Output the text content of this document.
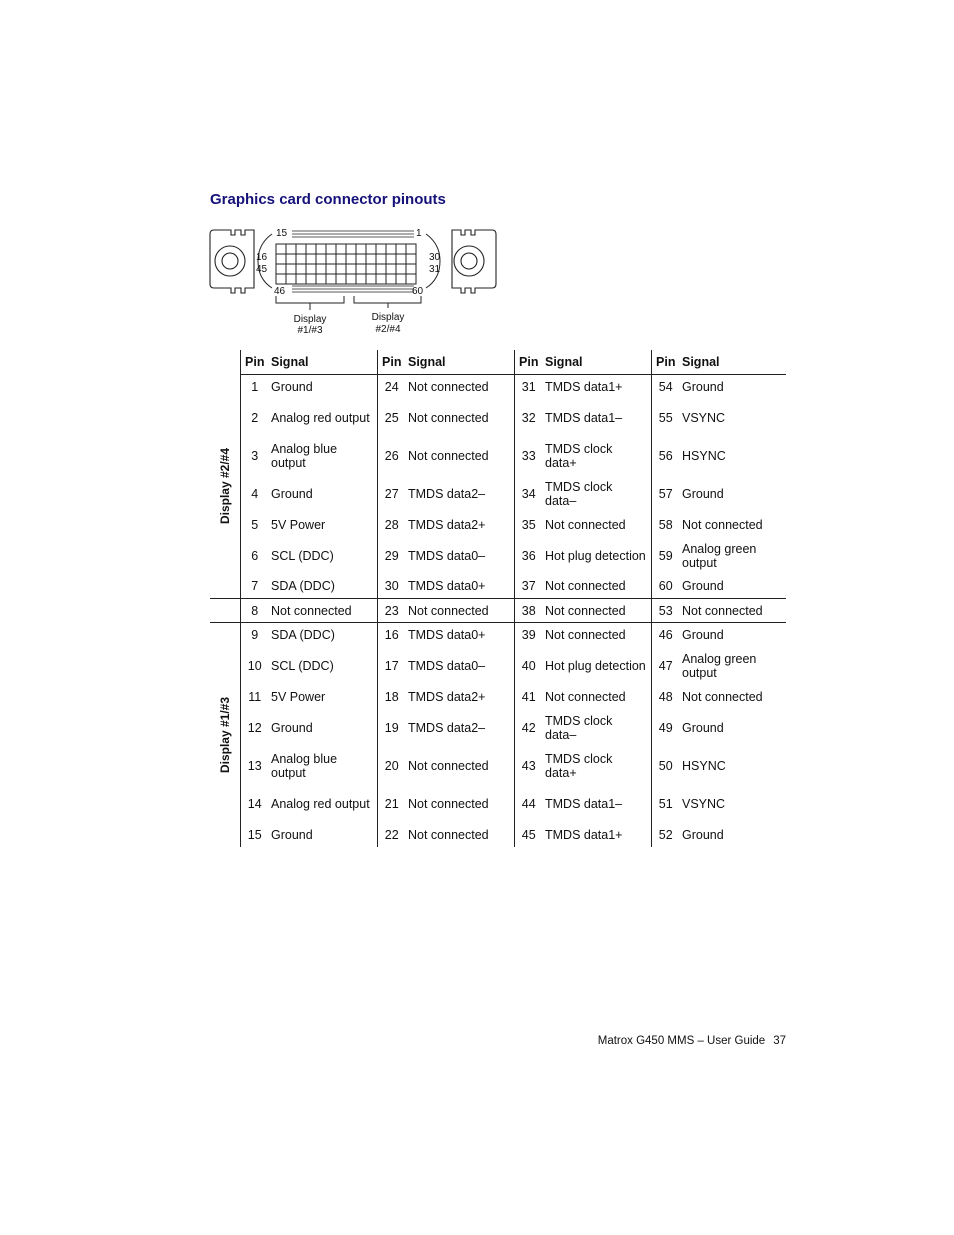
Graphics card connector pinouts
15	1
16
45
30
31
46	60
Display
#1/#3
Display
#2/#4
	Pin	Signal	Pin	Signal	Pin	Signal	Pin	Signal

Display #2/#4	1	Ground	24	Not connected	31	TMDS data1+	54	Ground
	2	Analog red output	25	Not connected	32	TMDS data1–	55	VSYNC
	3	Analog blue output	26	Not connected	33	TMDS clock data+	56	HSYNC
	4	Ground	27	TMDS data2–	34	TMDS clock data–	57	Ground
	5	5V Power	28	TMDS data2+	35	Not connected	58	Not connected
	6	SCL (DDC)	29	TMDS data0–	36	Hot plug detection	59	Analog green output
	7	SDA (DDC)	30	TMDS data0+	37	Not connected	60	Ground
	8	Not connected	23	Not connected	38	Not connected	53	Not connected

Display #1/#3	9	SDA (DDC)	16	TMDS data0+	39	Not connected	46	Ground
	10	SCL (DDC)	17	TMDS data0–	40	Hot plug detection	47	Analog green output
	11	5V Power	18	TMDS data2+	41	Not connected	48	Not connected
	12	Ground	19	TMDS data2–	42	TMDS clock data–	49	Ground
	13	Analog blue output	20	Not connected	43	TMDS clock data+	50	HSYNC
	14	Analog red output	21	Not connected	44	TMDS data1–	51	VSYNC
	15	Ground	22	Not connected	45	TMDS data1+	52	Ground
Matrox G450 MMS – User Guide 37
